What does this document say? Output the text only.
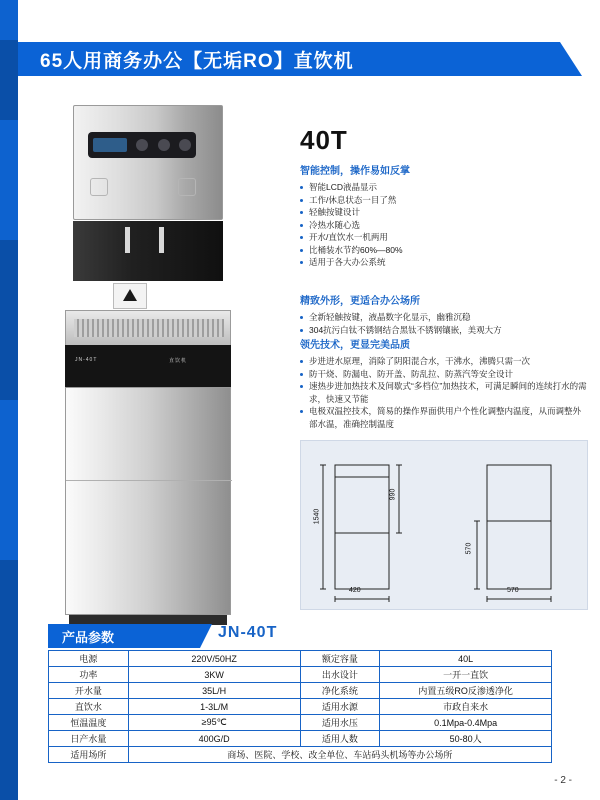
65人用商务办公【无垢RO】直饮机
JN-40T	直饮机
40T
智能控制，操作易如反掌
智能LCD液晶显示
工作/休息状态一目了然
轻触按键设计
冷热水随心选
开水/直饮水一机两用
比桶装水节约60%—80%
适用于各大办公系统
精致外形，更适合办公场所
全新轻触按键，液晶数字化显示，幽雅沉稳
304抗污白钛不锈钢结合黑钛不锈钢镶嵌，美观大方
领先技术，更显完美品质
步进进水原理，消除了阴阳混合水，干沸水，沸腾只需一次
防干烧、防漏电、防开盖、防乱拉、防蒸汽等安全设计
速热步进加热技术及间歇式“多档位”加热技术，可满足瞬间的连续打水的需求，快速又节能
电极双温控技术，简易的操作界面供用户个性化调整内温度，从而调整外部水温，准确控制温度
1540
990
420
570
570
产品参数	JN-40T
电源	220V/50HZ	额定容量	40L
功率	3KW	出水设计	一开一直饮
开水量	35L/H	净化系统	内置五级RO反渗透净化
直饮水	1-3L/M	适用水源	市政自来水
恒温温度	≥95℃	适用水压	0.1Mpa-0.4Mpa
日产水量	400G/D	适用人数	50-80人
适用场所	商场、医院、学校、改全单位、车站码头机场等办公场所		
- 2 -
